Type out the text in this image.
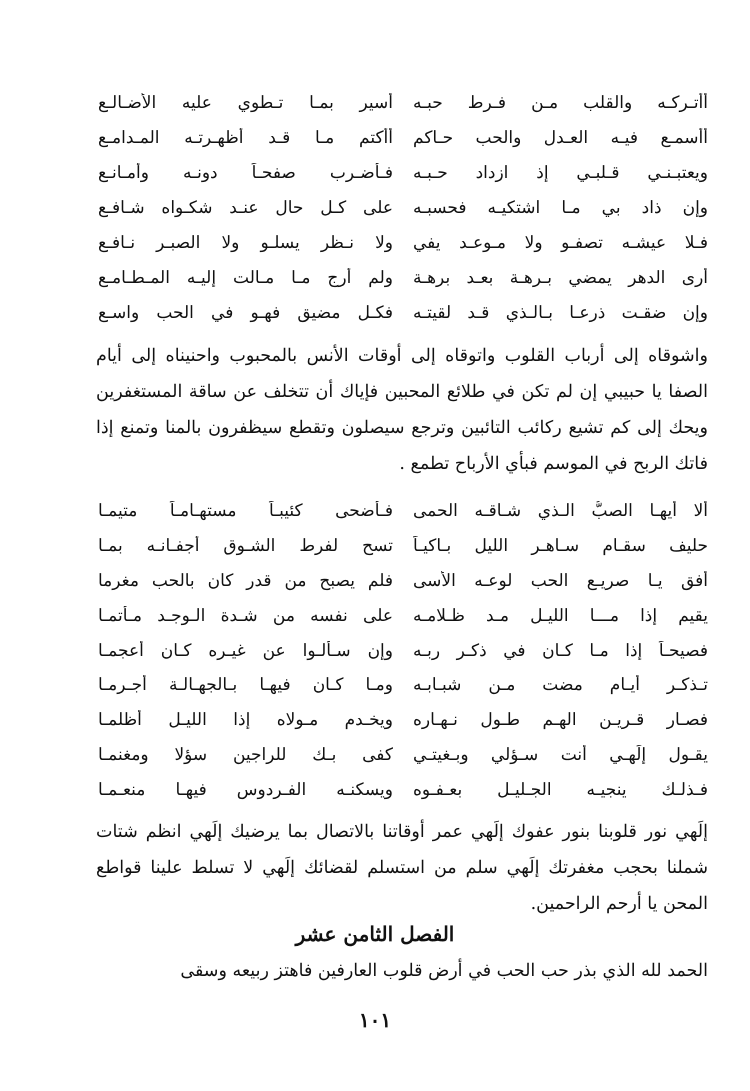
أأتـركـه والقلب مـن فـرط حبـه
أسير بمـا تـطوي عليه الأضـالـع
أأسمـع فيـه العـدل والحب حـاكم
أأكتم مـا قـد أظهـرتـه المـدامـع
ويعتبـنـي قـلبـي إذ ازداد حـبـه
فـأضـرب صفحـاً دونـه وأمـانـع
وإن ذاد بي مـا اشتكيـه فحسبـه
على كـل حال عنـد شكـواه شـافـع
فـلا عيشـه تصفـو ولا مـوعـد يفي
ولا نـظر يسلـو ولا الصبـر نـافـع
أرى الدهر يمضي بـرهـة بعـد برهـة
ولم أرج مـا مـالت إليـه المـطـامـع
وإن ضقـت ذرعـا بـالـذي قـد لقيتـه
فكـل مضيق فهـو في الحب واسـع
واشوقاه إلى أرباب القلوب واتوقاه إلى أوقات الأنس بالمحبوب واحنيناه إلى أيام الصفا يا حبيبي إن لم تكن في طلائع المحبين فإياك أن تتخلف عن ساقة المستغفرين ويحك إلى كم تشيع ركائب التائبين وترجع سيصلون وتقطع سيظفرون بالمنا وتمنع إذا فاتك الربح في الموسم فبأي الأرباح تطمع .
ألا أيهـا الصبُّ الـذي شـاقـه الحمى
فـأضحى كئيبـاً مستهـامـاً متيمـا
حليف سقـام سـاهـر الليل بـاكيـاً
تسح لفرط الشـوق أجفـانـه بمـا
أفق يـا صريـع الحب لوعـه الأسى
فلم يصبح من قدر كان بالحب مغرما
يقيم إذا مـــا الليـل مـد ظـلامـه
على نفسه من شـدة الـوجـد مـأتمـا
فصيحـاً إذا مـا كـان في ذكـر ربـه
وإن سـألـوا عن غيـره كـان أعجمـا
تـذكـر أيـام مضت مـن شبـابـه
ومـا كـان فيهـا بـالجهـالـة أجـرمـا
فصـار قـريـن الهـم طـول نـهـاره
ويخـدم مـولاه إذا الليـل أظلمـا
يقـول إلَهـي أنت سـؤلي وبـغيتـي
كفى بـك للراجين سؤلا ومغنمـا
فـذلـك ينجيـه الجـليـل بعـفـوه
ويسكنـه الفـردوس فيهـا منعـمـا
إلَهي نور قلوبنا بنور عفوك إلَهي عمر أوقاتنا بالاتصال بما يرضيك إلَهي انظم شتات شملنا بحجب مغفرتك إلَهي سلم من استسلم لقضائك إلَهي لا تسلط علينا قواطع المحن يا أرحم الراحمين.
الفصل الثامن عشر
الحمد لله الذي بذر حب الحب في أرض قلوب العارفين فاهتز ربيعه وسقى
١٠١
